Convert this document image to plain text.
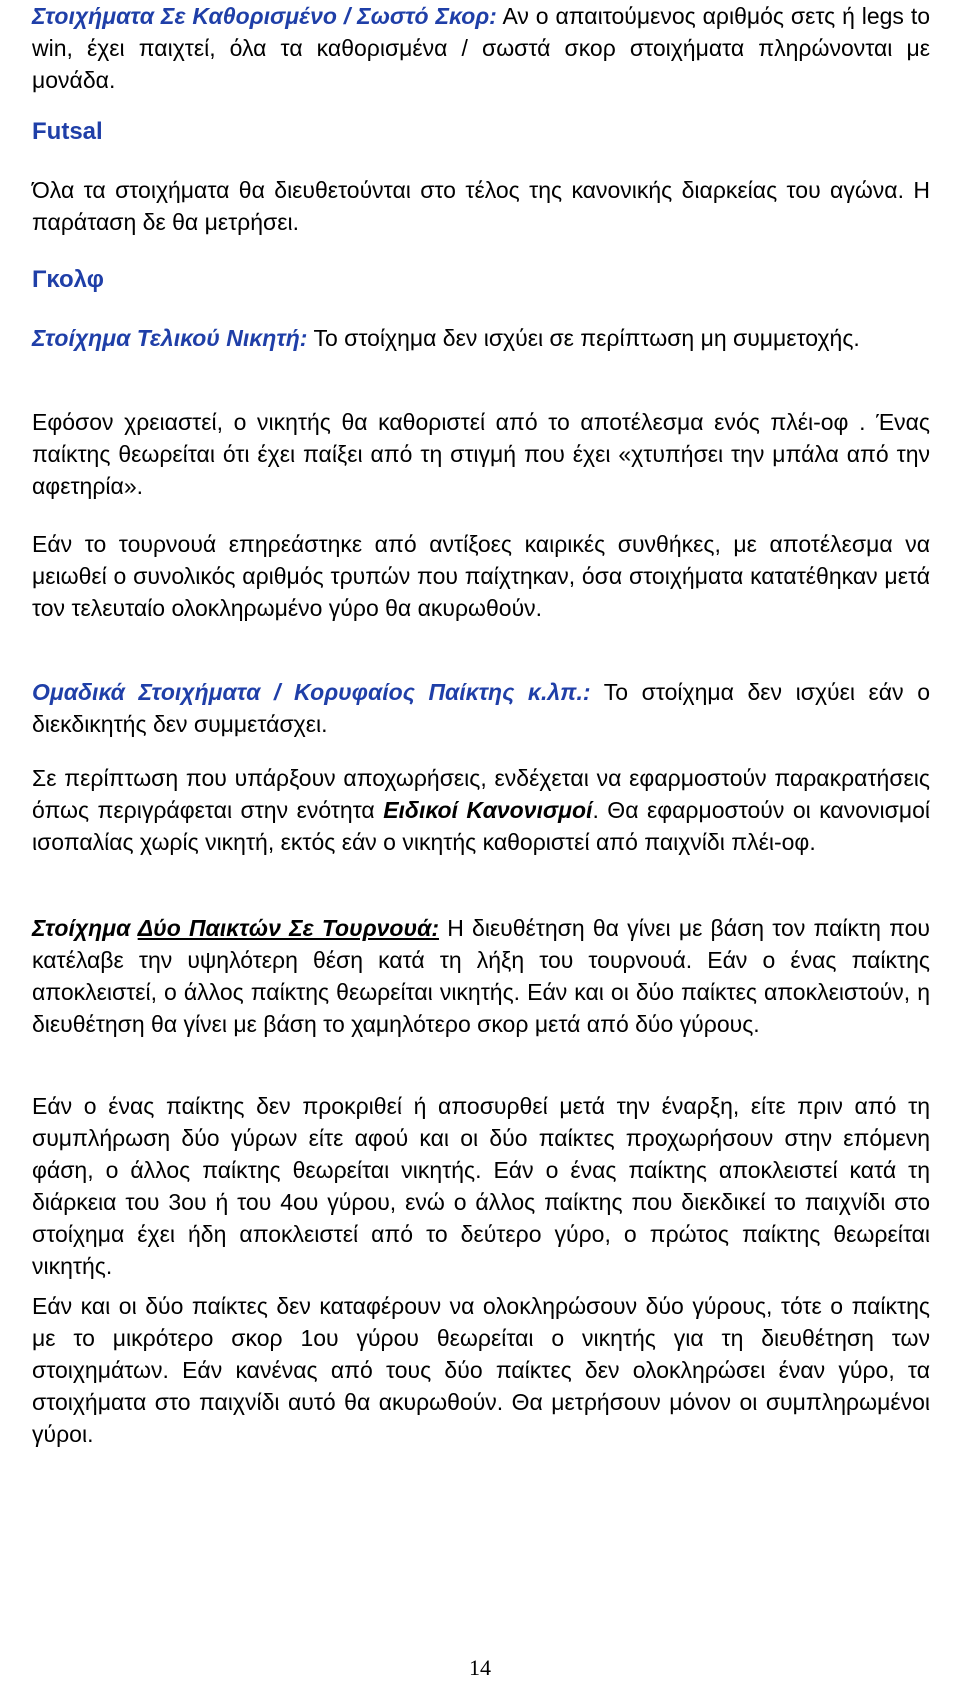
Στοιχήματα Σε Καθορισμένο / Σωστό Σκορ: Αν ο απαιτούμενος αριθμός σετς ή legs to win, έχει παιχτεί, όλα τα καθορισμένα / σωστά σκορ στοιχήματα πληρώνονται με μονάδα.

Futsal

Όλα τα στοιχήματα θα διευθετούνται στο τέλος της κανονικής διαρκείας του αγώνα. Η παράταση δε θα μετρήσει.

Γκολφ

Στοίχημα Τελικού Νικητή: Το στοίχημα δεν ισχύει σε περίπτωση μη συμμετοχής.

Εφόσον χρειαστεί, ο νικητής θα καθοριστεί από το αποτέλεσμα ενός πλέι-οφ . Ένας παίκτης θεωρείται ότι έχει παίξει από τη στιγμή που έχει «χτυπήσει την μπάλα από την αφετηρία».

Εάν το τουρνουά επηρεάστηκε από αντίξοες καιρικές συνθήκες, με αποτέλεσμα να μειωθεί ο συνολικός αριθμός τρυπών που παίχτηκαν, όσα στοιχήματα κατατέθηκαν μετά τον τελευταίο ολοκληρωμένο γύρο θα ακυρωθούν.

Ομαδικά Στοιχήματα / Κορυφαίος Παίκτης κ.λπ.: Το στοίχημα δεν ισχύει εάν ο διεκδικητής δεν συμμετάσχει.

Σε περίπτωση που υπάρξουν αποχωρήσεις, ενδέχεται να εφαρμοστούν παρακρατήσεις όπως περιγράφεται στην ενότητα Ειδικοί Κανονισμοί. Θα εφαρμοστούν οι κανονισμοί ισοπαλίας χωρίς νικητή, εκτός εάν ο νικητής καθοριστεί από παιχνίδι πλέι-οφ.

Στοίχημα Δύο Παικτών Σε Τουρνουά: Η διευθέτηση θα γίνει με βάση τον παίκτη που κατέλαβε την υψηλότερη θέση κατά τη λήξη του τουρνουά. Εάν ο ένας παίκτης αποκλειστεί, ο άλλος παίκτης θεωρείται νικητής. Εάν και οι δύο παίκτες αποκλειστούν, η διευθέτηση θα γίνει με βάση το χαμηλότερο σκορ μετά από δύο γύρους.

Εάν ο ένας παίκτης δεν προκριθεί ή αποσυρθεί μετά την έναρξη, είτε πριν από τη συμπλήρωση δύο γύρων είτε αφού και οι δύο παίκτες προχωρήσουν στην επόμενη φάση, ο άλλος παίκτης θεωρείται νικητής. Εάν ο ένας παίκτης αποκλειστεί κατά τη διάρκεια του 3ου ή του 4ου γύρου, ενώ ο άλλος παίκτης που διεκδικεί το παιχνίδι στο στοίχημα έχει ήδη αποκλειστεί από το δεύτερο γύρο, ο πρώτος παίκτης θεωρείται νικητής.

Εάν και οι δύο παίκτες δεν καταφέρουν να ολοκληρώσουν δύο γύρους, τότε ο παίκτης με το μικρότερο σκορ 1ου γύρου θεωρείται ο νικητής για τη διευθέτηση των στοιχημάτων. Εάν κανένας από τους δύο παίκτες δεν ολοκληρώσει έναν γύρο, τα στοιχήματα στο παιχνίδι αυτό θα ακυρωθούν. Θα μετρήσουν μόνον οι συμπληρωμένοι γύροι.

14
